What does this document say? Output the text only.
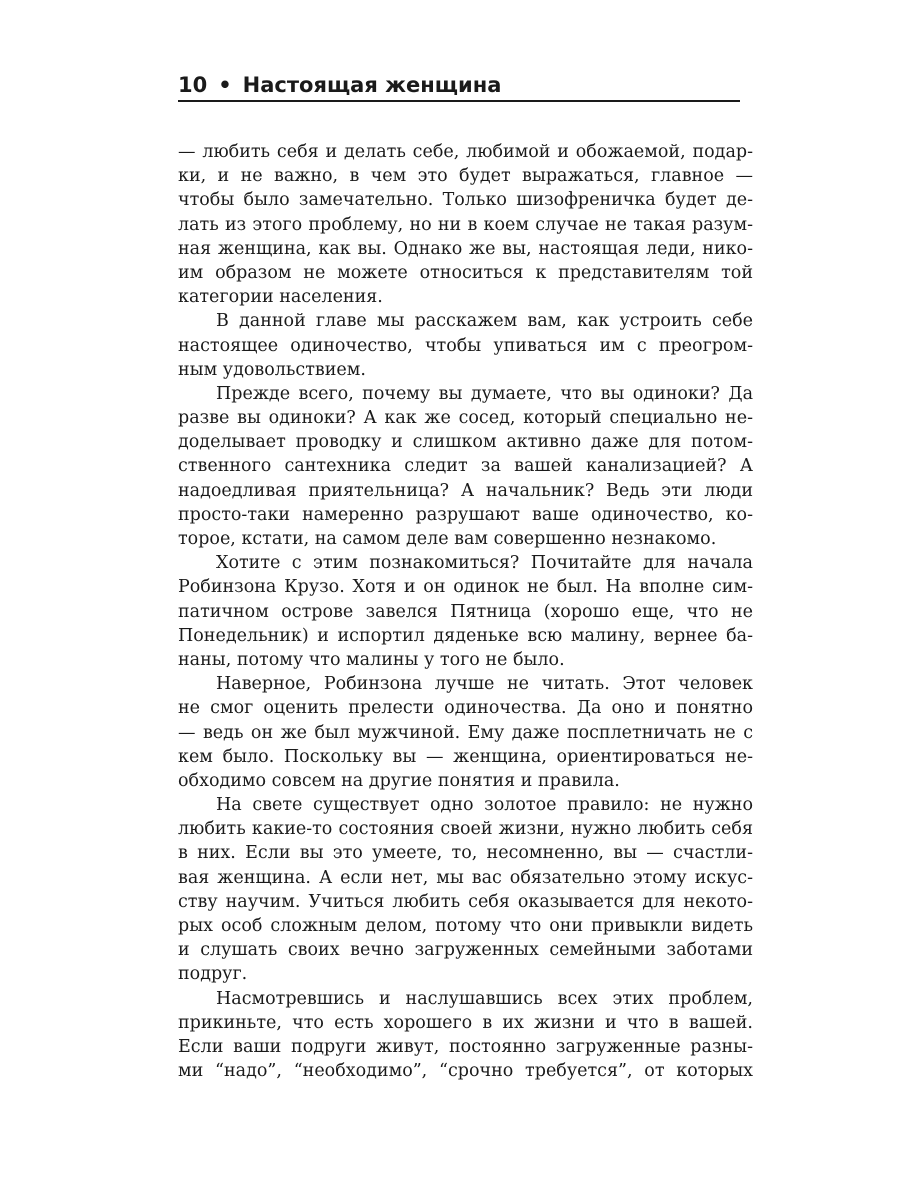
10 • Настоящая женщина
— любить себя и делать себе, любимой и обожаемой, подар-
ки, и не важно, в чем это будет выражаться, главное —
чтобы было замечательно. Только шизофреничка будет де-
лать из этого проблему, но ни в коем случае не такая разум-
ная женщина, как вы. Однако же вы, настоящая леди, нико-
им образом не можете относиться к представителям той
категории населения.
В данной главе мы расскажем вам, как устроить себе
настоящее одиночество, чтобы упиваться им с преогром-
ным удовольствием.
Прежде всего, почему вы думаете, что вы одиноки? Да
разве вы одиноки? А как же сосед, который специально не-
доделывает проводку и слишком активно даже для потом-
ственного сантехника следит за вашей канализацией? А
надоедливая приятельница? А начальник? Ведь эти люди
просто-таки намеренно разрушают ваше одиночество, ко-
торое, кстати, на самом деле вам совершенно незнакомо.
Хотите с этим познакомиться? Почитайте для начала
Робинзона Крузо. Хотя и он одинок не был. На вполне сим-
патичном острове завелся Пятница (хорошо еще, что не
Понедельник) и испортил дяденьке всю малину, вернее ба-
наны, потому что малины у того не было.
Наверное, Робинзона лучше не читать. Этот человек
не смог оценить прелести одиночества. Да оно и понятно
— ведь он же был мужчиной. Ему даже посплетничать не с
кем было. Поскольку вы — женщина, ориентироваться не-
обходимо совсем на другие понятия и правила.
На свете существует одно золотое правило: не нужно
любить какие-то состояния своей жизни, нужно любить себя
в них. Если вы это умеете, то, несомненно, вы — счастли-
вая женщина. А если нет, мы вас обязательно этому искус-
ству научим. Учиться любить себя оказывается для некото-
рых особ сложным делом, потому что они привыкли видеть
и слушать своих вечно загруженных семейными заботами
подруг.
Насмотревшись и наслушавшись всех этих проблем,
прикиньте, что есть хорошего в их жизни и что в вашей.
Если ваши подруги живут, постоянно загруженные разны-
ми “надо”, “необходимо”, “срочно требуется”, от которых
